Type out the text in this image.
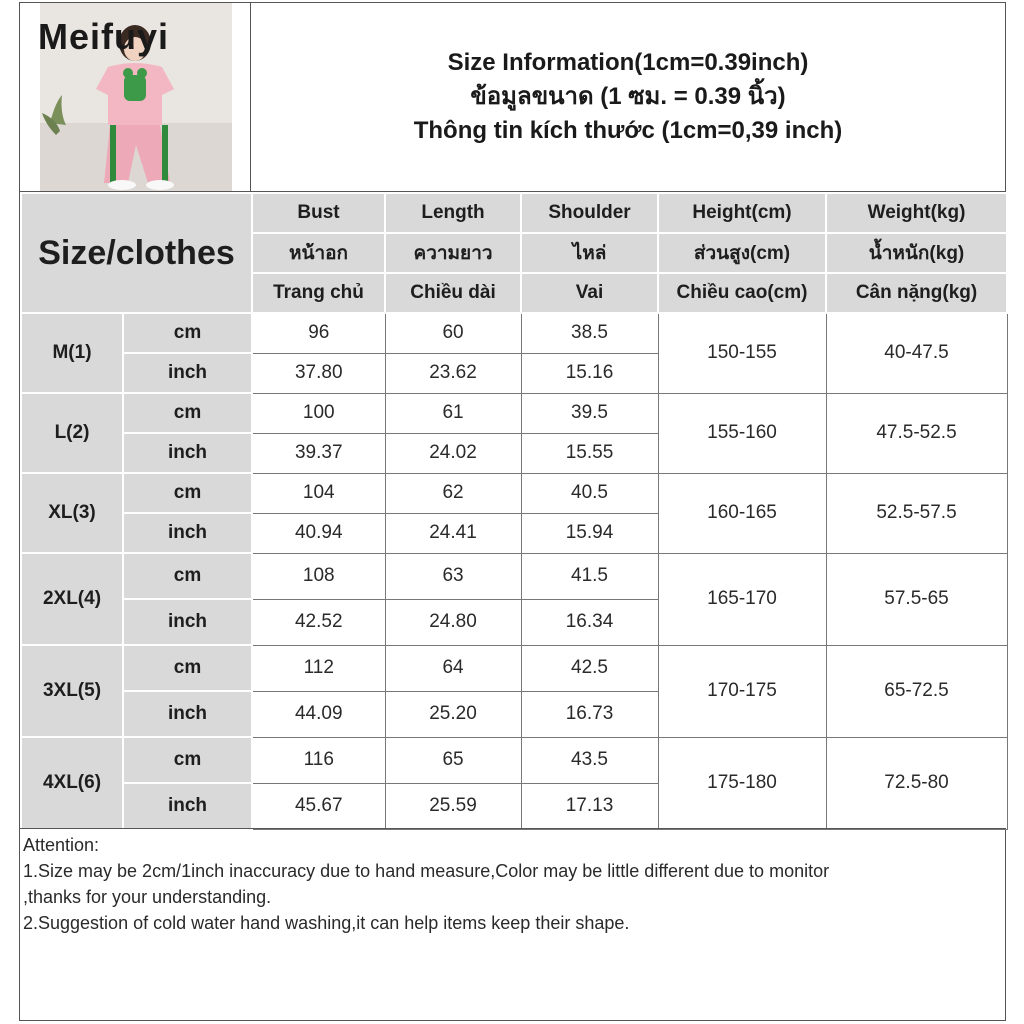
Meifuyi
Size Information(1cm=0.39inch)
ข้อมูลขนาด (1 ซม. = 0.39 นิ้ว)
Thông tin kích thước (1cm=0,39 inch)
Size/clothes		Bust	Length	Shoulder	Height(cm)	Weight(kg)
		หน้าอก	ความยาว	ไหล่	ส่วนสูง(cm)	น้ำหนัก(kg)
		Trang chủ	Chiều dài	Vai	Chiều cao(cm)	Cân nặng(kg)
M(1)	cm	96	60	38.5	150-155	40-47.5
	inch	37.80	23.62	15.16		
L(2)	cm	100	61	39.5	155-160	47.5-52.5
	inch	39.37	24.02	15.55		
XL(3)	cm	104	62	40.5	160-165	52.5-57.5
	inch	40.94	24.41	15.94		
2XL(4)	cm	108	63	41.5	165-170	57.5-65
	inch	42.52	24.80	16.34		
3XL(5)	cm	112	64	42.5	170-175	65-72.5
	inch	44.09	25.20	16.73		
4XL(6)	cm	116	65	43.5	175-180	72.5-80
	inch	45.67	25.59	17.13		
Attention:
1.Size may be 2cm/1inch inaccuracy due to hand measure,Color may be little different due to monitor
,thanks for your understanding.
2.Suggestion of cold water hand washing,it can help items keep their shape.
